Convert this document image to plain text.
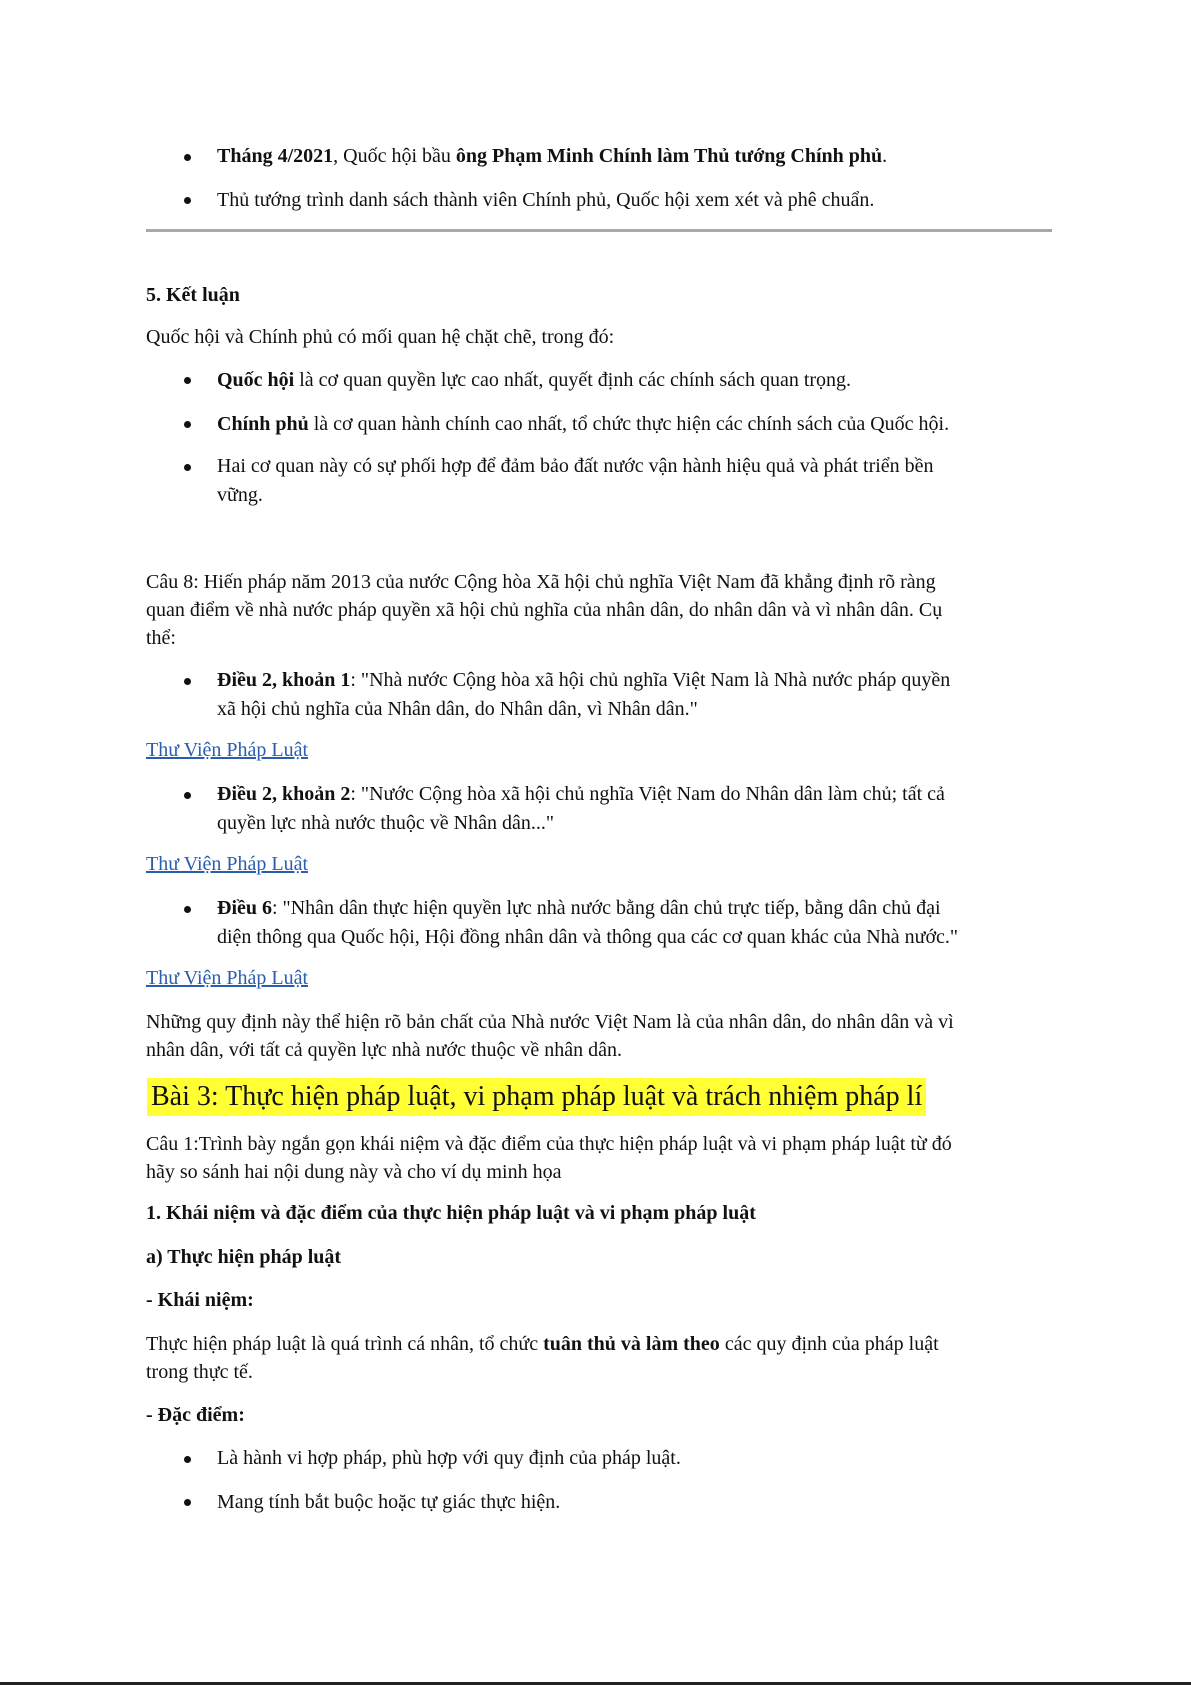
Tháng 4/2021, Quốc hội bầu ông Phạm Minh Chính làm Thủ tướng Chính phủ.
Thủ tướng trình danh sách thành viên Chính phủ, Quốc hội xem xét và phê chuẩn.
5. Kết luận
Quốc hội và Chính phủ có mối quan hệ chặt chẽ, trong đó:
Quốc hội là cơ quan quyền lực cao nhất, quyết định các chính sách quan trọng.
Chính phủ là cơ quan hành chính cao nhất, tổ chức thực hiện các chính sách của Quốc hội.
Hai cơ quan này có sự phối hợp để đảm bảo đất nước vận hành hiệu quả và phát triển bền
vững.
Câu 8: Hiến pháp năm 2013 của nước Cộng hòa Xã hội chủ nghĩa Việt Nam đã khẳng định rõ ràng
quan điểm về nhà nước pháp quyền xã hội chủ nghĩa của nhân dân, do nhân dân và vì nhân dân. Cụ
thể:
Điều 2, khoản 1: "Nhà nước Cộng hòa xã hội chủ nghĩa Việt Nam là Nhà nước pháp quyền
xã hội chủ nghĩa của Nhân dân, do Nhân dân, vì Nhân dân."
Thư Viện Pháp Luật
Điều 2, khoản 2: "Nước Cộng hòa xã hội chủ nghĩa Việt Nam do Nhân dân làm chủ; tất cả
quyền lực nhà nước thuộc về Nhân dân..."
Thư Viện Pháp Luật
Điều 6: "Nhân dân thực hiện quyền lực nhà nước bằng dân chủ trực tiếp, bằng dân chủ đại
diện thông qua Quốc hội, Hội đồng nhân dân và thông qua các cơ quan khác của Nhà nước."
Thư Viện Pháp Luật
Những quy định này thể hiện rõ bản chất của Nhà nước Việt Nam là của nhân dân, do nhân dân và vì
nhân dân, với tất cả quyền lực nhà nước thuộc về nhân dân.
Bài 3: Thực hiện pháp luật, vi phạm pháp luật và trách nhiệm pháp lí
Câu 1:Trình bày ngắn gọn khái niệm và đặc điểm của thực hiện pháp luật và vi phạm pháp luật từ đó
hãy so sánh hai nội dung này và cho ví dụ minh họa
1. Khái niệm và đặc điểm của thực hiện pháp luật và vi phạm pháp luật
a) Thực hiện pháp luật
- Khái niệm:
Thực hiện pháp luật là quá trình cá nhân, tổ chức tuân thủ và làm theo các quy định của pháp luật
trong thực tế.
- Đặc điểm:
Là hành vi hợp pháp, phù hợp với quy định của pháp luật.
Mang tính bắt buộc hoặc tự giác thực hiện.
